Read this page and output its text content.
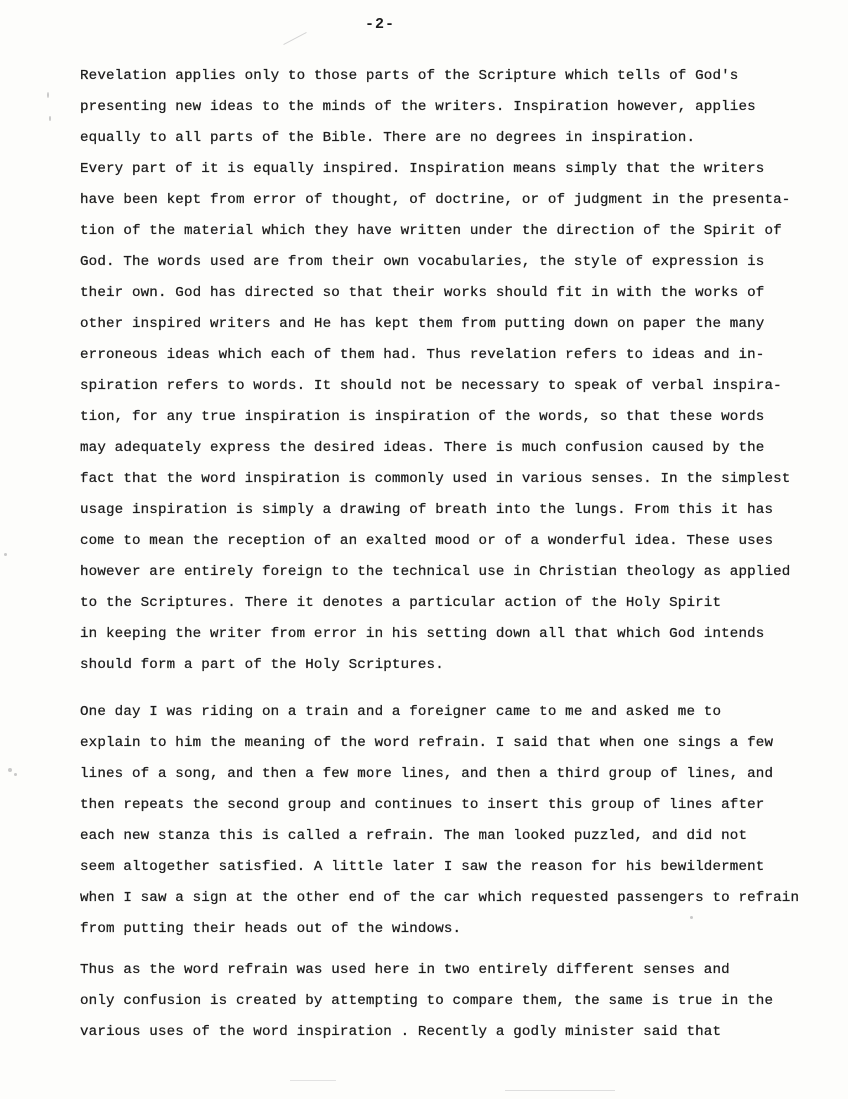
-2-
Revelation applies only to those parts of the Scripture which tells of God's
presenting new ideas to the minds of the writers. Inspiration however, applies
equally to all parts of the Bible. There are no degrees in inspiration.
Every part of it is equally inspired. Inspiration means simply that the writers
have been kept from error of thought, of doctrine, or of judgment in the presenta-
tion of the material which they have written under the direction of the Spirit of
God. The words used are from their own vocabularies, the style of expression is
their own. God has directed so that their works should fit in with the works of
other inspired writers and He has kept them from putting down on paper the many
erroneous ideas which each of them had. Thus revelation refers to ideas and in-
spiration refers to words. It should not be necessary to speak of verbal inspira-
tion, for any true inspiration is inspiration of the words, so that these words
may adequately express the desired ideas. There is much confusion caused by the
fact that the word inspiration is commonly used in various senses. In the simplest
usage inspiration is simply a drawing of breath into the lungs. From this it has
come to mean the reception of an exalted mood or of a wonderful idea. These uses
however are entirely foreign to the technical use in Christian theology as applied
to the Scriptures. There it denotes a particular action of the Holy Spirit
in keeping the writer from error in his setting down all that which God intends
should form a part of the Holy Scriptures.
One day I was riding on a train and a foreigner came to me and asked me to
explain to him the meaning of the word refrain. I said that when one sings a few
lines of a song, and then a few more lines, and then a third group of lines, and
then repeats the second group and continues to insert this group of lines after
each new stanza this is called a refrain. The man looked puzzled, and did not
seem altogether satisfied. A little later I saw the reason for his bewilderment
when I saw a sign at the other end of the car which requested passengers to refrain
from putting their heads out of the windows.
Thus as the word refrain was used here in two entirely different senses and
only confusion is created by attempting to compare them, the same is true in the
various uses of the word inspiration . Recently a godly minister said that
